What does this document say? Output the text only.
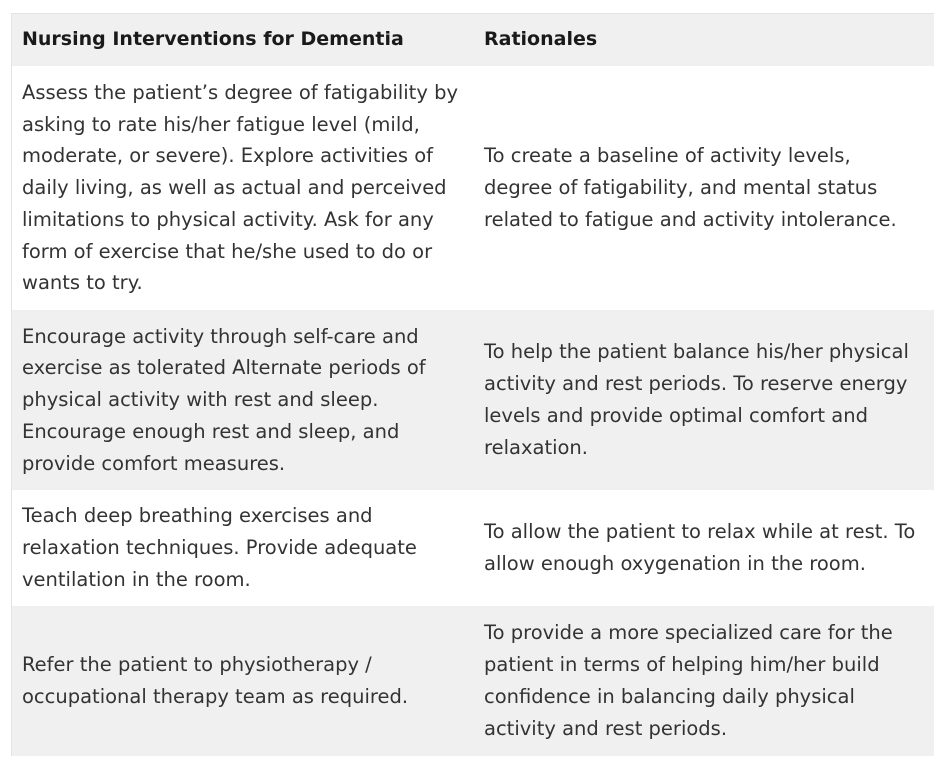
Nursing Interventions for Dementia	Rationales
Assess the patient’s degree of fatigability by asking to rate his/her fatigue level (mild, moderate, or severe). Explore activities of daily living, as well as actual and perceived limitations to physical activity. Ask for any form of exercise that he/she used to do or wants to try.	To create a baseline of activity levels, degree of fatigability, and mental status related to fatigue and activity intolerance.
Encourage activity through self-care and exercise as tolerated Alternate periods of physical activity with rest and sleep. Encourage enough rest and sleep, and provide comfort measures.	To help the patient balance his/her physical activity and rest periods. To reserve energy levels and provide optimal comfort and relaxation.
Teach deep breathing exercises and relaxation techniques. Provide adequate ventilation in the room.	To allow the patient to relax while at rest. To allow enough oxygenation in the room.
Refer the patient to physiotherapy / occupational therapy team as required.	To provide a more specialized care for the patient in terms of helping him/her build confidence in balancing daily physical activity and rest periods.
